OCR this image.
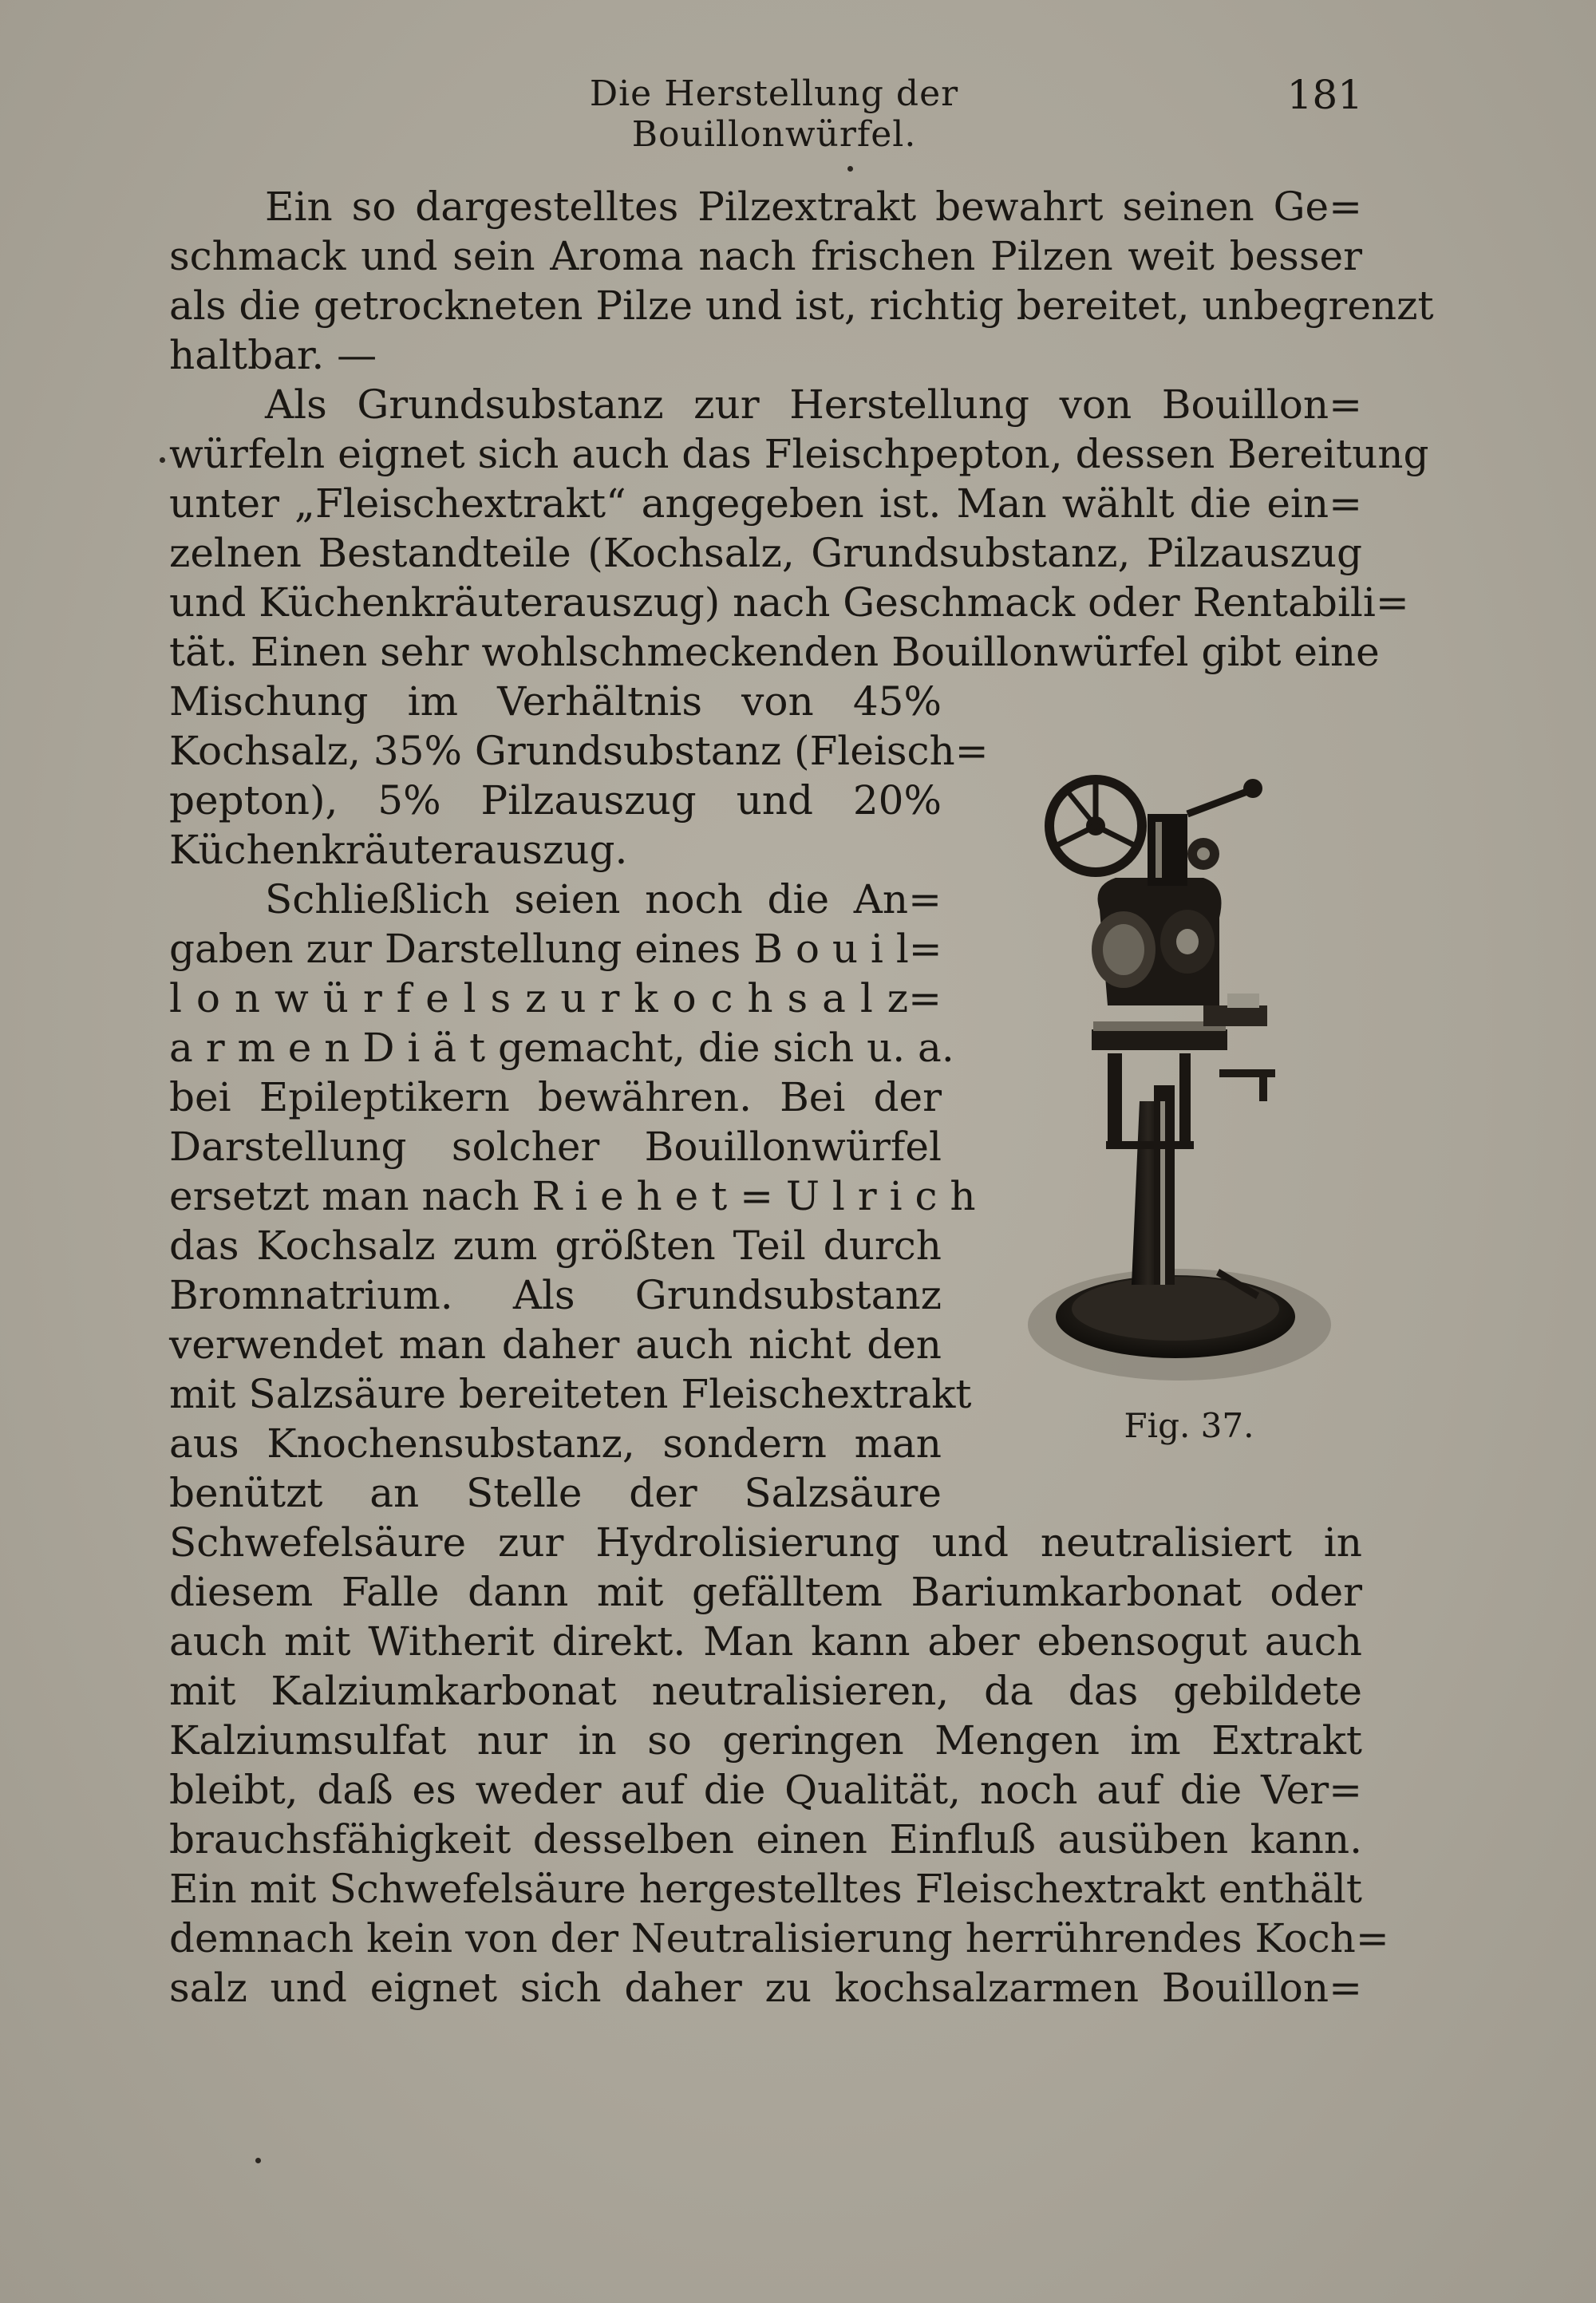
Die Herstellung der Bouillonwürfel.
181

Ein so dargestelltes Pilzextrakt bewahrt seinen Ge=
schmack und sein Aroma nach frischen Pilzen weit besser
als die getrockneten Pilze und ist, richtig bereitet, unbegrenzt
haltbar. —

Als Grundsubstanz zur Herstellung von Bouillon=
würfeln eignet sich auch das Fleischpepton, dessen Bereitung
unter „Fleischextrakt“ angegeben ist. Man wählt die ein=
zelnen Bestandteile (Kochsalz, Grundsubstanz, Pilzauszug
und Küchenkräuterauszug) nach Geschmack oder Rentabili=
tät. Einen sehr wohlschmeckenden Bouillonwürfel gibt eine

Mischung im Verhältnis von 45%
Kochsalz, 35% Grundsubstanz (Fleisch=
pepton), 5% Pilzauszug und 20%
Küchenkräuterauszug.

Schließlich seien noch die An=
gaben zur Darstellung eines B o u i l=
l o n w ü r f e l s z u r k o c h s a l z=
a r m e n D i ä t gemacht, die sich u. a.
bei Epileptikern bewähren. Bei der
Darstellung solcher Bouillonwürfel
ersetzt man nach R i e h e t = U l r i c h
das Kochsalz zum größten Teil durch
Bromnatrium. Als Grundsubstanz
verwendet man daher auch nicht den
mit Salzsäure bereiteten Fleischextrakt
aus Knochensubstanz, sondern man
benützt an Stelle der Salzsäure

Schwefelsäure zur Hydrolisierung und neutralisiert in
diesem Falle dann mit gefälltem Bariumkarbonat oder
auch mit Witherit direkt. Man kann aber ebensogut auch
mit Kalziumkarbonat neutralisieren, da das gebildete
Kalziumsulfat nur in so geringen Mengen im Extrakt
bleibt, daß es weder auf die Qualität, noch auf die Ver=
brauchsfähigkeit desselben einen Einfluß ausüben kann.
Ein mit Schwefelsäure hergestelltes Fleischextrakt enthält
demnach kein von der Neutralisierung herrührendes Koch=
salz und eignet sich daher zu kochsalzarmen Bouillon=

Fig. 37.
